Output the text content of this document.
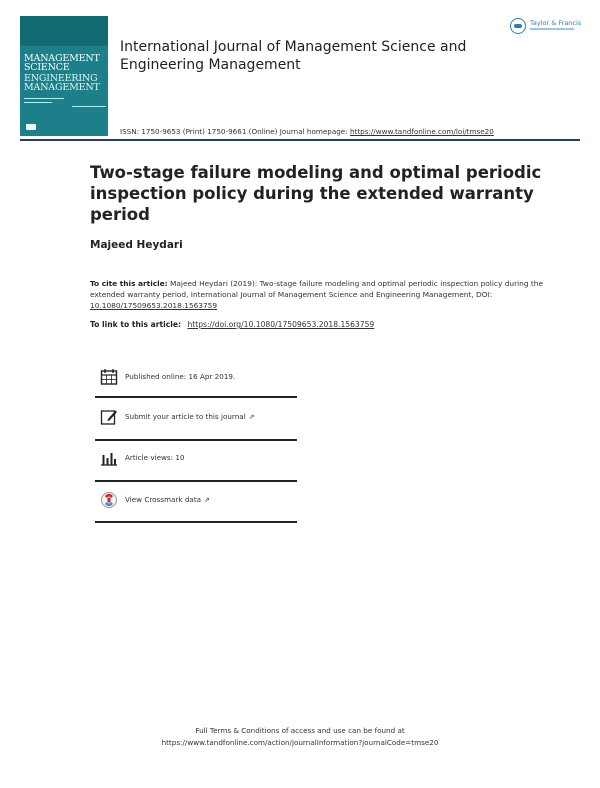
MANAGEMENT
SCIENCE
ENGINEERING
MANAGEMENT
International Journal of Management Science and Engineering Management
Taylor & Francis
ISSN: 1750-9653 (Print) 1750-9661 (Online) Journal homepage: https://www.tandfonline.com/loi/tmse20
Two-stage failure modeling and optimal periodic inspection policy during the extended warranty period
Majeed Heydari
To cite this article: Majeed Heydari (2019): Two-stage failure modeling and optimal periodic inspection policy during the extended warranty period, International Journal of Management Science and Engineering Management, DOI: 10.1080/17509653.2018.1563759
To link to this article: https://doi.org/10.1080/17509653.2018.1563759
Published online: 16 Apr 2019.
Submit your article to this journal ⇗
Article views: 10
View Crossmark data ⇗
Full Terms & Conditions of access and use can be found at
https://www.tandfonline.com/action/journalInformation?journalCode=tmse20
